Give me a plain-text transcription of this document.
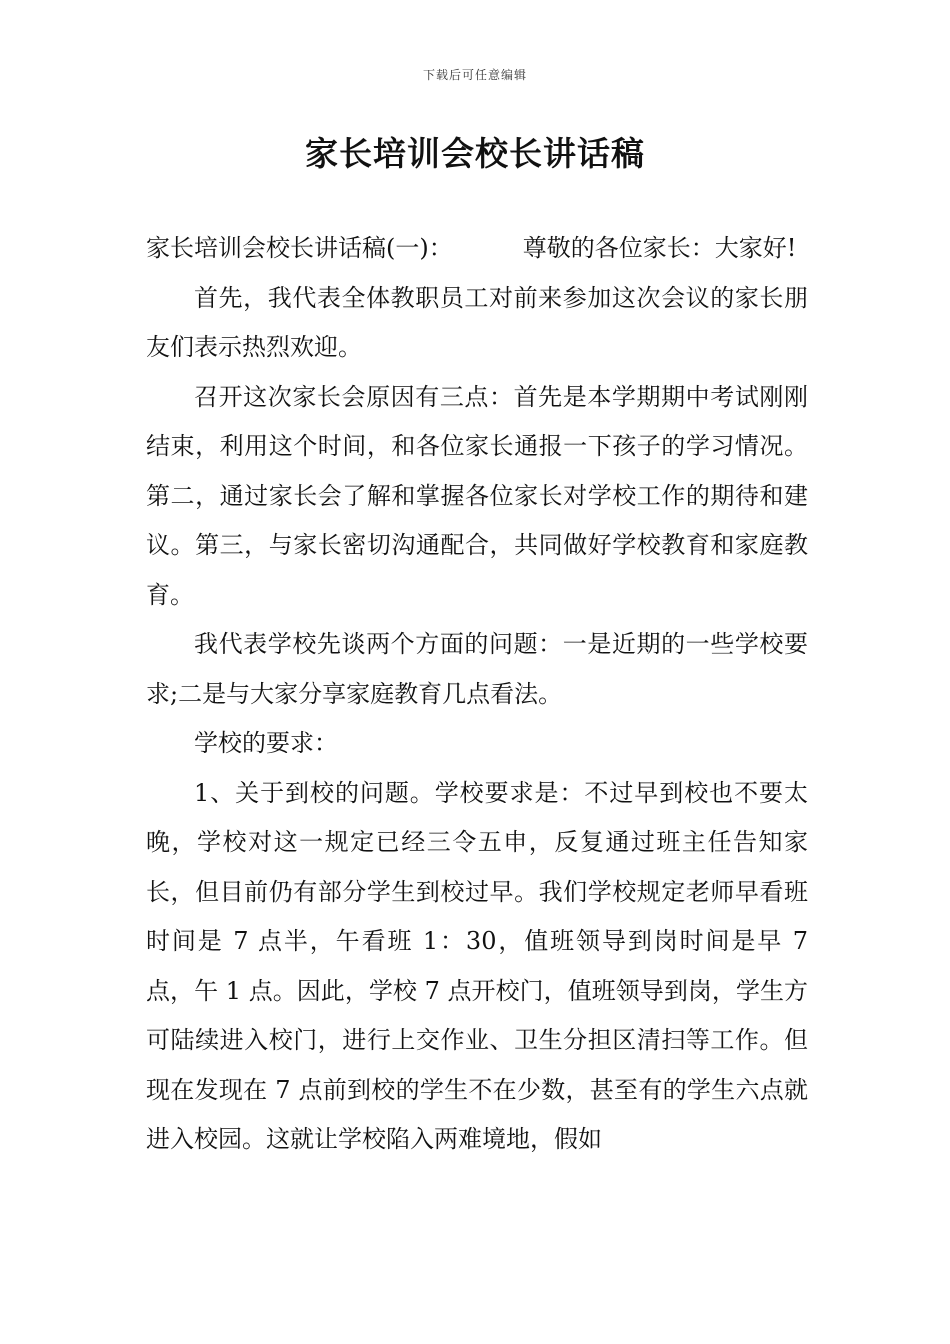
下载后可任意编辑
家长培训会校长讲话稿

家长培训会校长讲话稿(一)：	尊敬的各位家长：大家好!

首先，我代表全体教职员工对前来参加这次会议的家长朋友们表示热烈欢迎。

召开这次家长会原因有三点：首先是本学期期中考试刚刚结束，利用这个时间，和各位家长通报一下孩子的学习情况。第二，通过家长会了解和掌握各位家长对学校工作的期待和建议。第三，与家长密切沟通配合，共同做好学校教育和家庭教育。

我代表学校先谈两个方面的问题：一是近期的一些学校要求;二是与大家分享家庭教育几点看法。

学校的要求：

1、关于到校的问题。学校要求是：不过早到校也不要太晚，学校对这一规定已经三令五申，反复通过班主任告知家长，但目前仍有部分学生到校过早。我们学校规定老师早看班时间是 7 点半，午看班 1：30，值班领导到岗时间是早 7 点，午 1 点。因此，学校 7 点开校门，值班领导到岗，学生方可陆续进入校门，进行上交作业、卫生分担区清扫等工作。但现在发现在 7 点前到校的学生不在少数，甚至有的学生六点就进入校园。这就让学校陷入两难境地，假如
